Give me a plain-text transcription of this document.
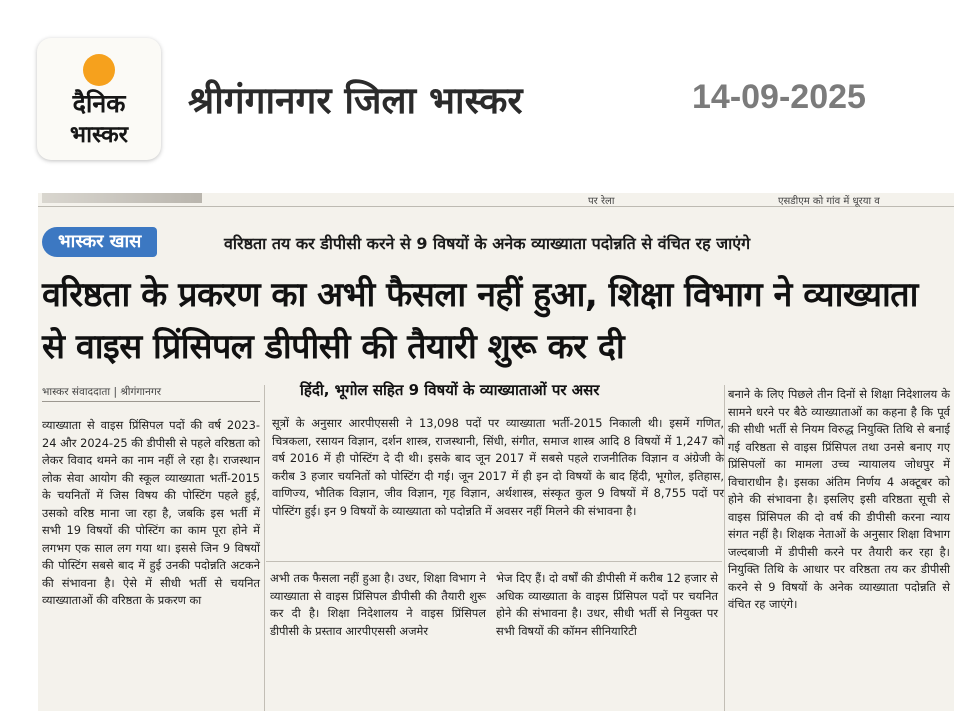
दैनिक
भास्कर
श्रीगंगानगर जिला भास्कर	14-09-2025
पर रेला	एसडीएम को गांव में धूरया व
भास्कर खास	वरिष्ठता तय कर डीपीसी करने से 9 विषयों के अनेक व्याख्याता पदोन्नति से वंचित रह जाएंगे
वरिष्ठता के प्रकरण का अभी फैसला नहीं हुआ, शिक्षा विभाग ने व्याख्याता से वाइस प्रिंसिपल डीपीसी की तैयारी शुरू कर दी
भास्कर संवाददाता | श्रीगंगानगर	हिंदी, भूगोल सहित 9 विषयों के व्याख्याताओं पर असर
व्याख्याता से वाइस प्रिंसिपल पदों की वर्ष 2023- 24 और 2024-25 की डीपीसी से पहले वरिष्ठता को लेकर विवाद थमने का नाम नहीं ले रहा है। राजस्थान लोक सेवा आयोग की स्कूल व्याख्याता भर्ती-2015 के चयनितों में जिस विषय की पोस्टिंग पहले हुई, उसको वरिष्ठ माना जा रहा है, जबकि इस भर्ती में सभी 19 विषयों की पोस्टिंग का काम पूरा होने में लगभग एक साल लग गया था। इससे जिन 9 विषयों की पोस्टिंग सबसे बाद में हुई उनकी पदोन्नति अटकने की संभावना है। ऐसे में सीधी भर्ती से चयनित व्याख्याताओं की वरिष्ठता के प्रकरण का
सूत्रों के अनुसार आरपीएससी ने 13,098 पदों पर व्याख्याता भर्ती-2015 निकाली थी। इसमें गणित, चित्रकला, रसायन विज्ञान, दर्शन शास्त्र, राजस्थानी, सिंधी, संगीत, समाज शास्त्र आदि 8 विषयों में 1,247 को वर्ष 2016 में ही पोस्टिंग दे दी थी। इसके बाद जून 2017 में सबसे पहले राजनीतिक विज्ञान व अंग्रेजी के करीब 3 हजार चयनितों को पोस्टिंग दी गई। जून 2017 में ही इन दो विषयों के बाद हिंदी, भूगोल, इतिहास, वाणिज्य, भौतिक विज्ञान, जीव विज्ञान, गृह विज्ञान, अर्थशास्त्र, संस्कृत कुल 9 विषयों में 8,755 पदों पर पोस्टिंग हुई। इन 9 विषयों के व्याख्याता को पदोन्नति में अवसर नहीं मिलने की संभावना है।
अभी तक फैसला नहीं हुआ है। उधर, शिक्षा विभाग ने व्याख्याता से वाइस प्रिंसिपल डीपीसी की तैयारी शुरू कर दी है। शिक्षा निदेशालय ने वाइस प्रिंसिपल डीपीसी के प्रस्ताव आरपीएससी अजमेर
भेज दिए हैं। दो वर्षों की डीपीसी में करीब 12 हजार से अधिक व्याख्याता के वाइस प्रिंसिपल पदों पर चयनित होने की संभावना है। उधर, सीधी भर्ती से नियुक्त पर सभी विषयों की कॉमन सीनियारिटी
बनाने के लिए पिछले तीन दिनों से शिक्षा निदेशालय के सामने धरने पर बैठे व्याख्याताओं का कहना है कि पूर्व की सीधी भर्ती से नियम विरुद्ध नियुक्ति तिथि से बनाई गई वरिष्ठता से वाइस प्रिंसिपल तथा उनसे बनाए गए प्रिंसिपलों का मामला उच्च न्यायालय जोधपुर में विचाराधीन है। इसका अंतिम निर्णय 4 अक्टूबर को होने की संभावना है। इसलिए इसी वरिष्ठता सूची से वाइस प्रिंसिपल की दो वर्ष की डीपीसी करना न्याय संगत नहीं है। शिक्षक नेताओं के अनुसार शिक्षा विभाग जल्दबाजी में डीपीसी करने पर तैयारी कर रहा है। नियुक्ति तिथि के आधार पर वरिष्ठता तय कर डीपीसी करने से 9 विषयों के अनेक व्याख्याता पदोन्नति से वंचित रह जाएंगे।
